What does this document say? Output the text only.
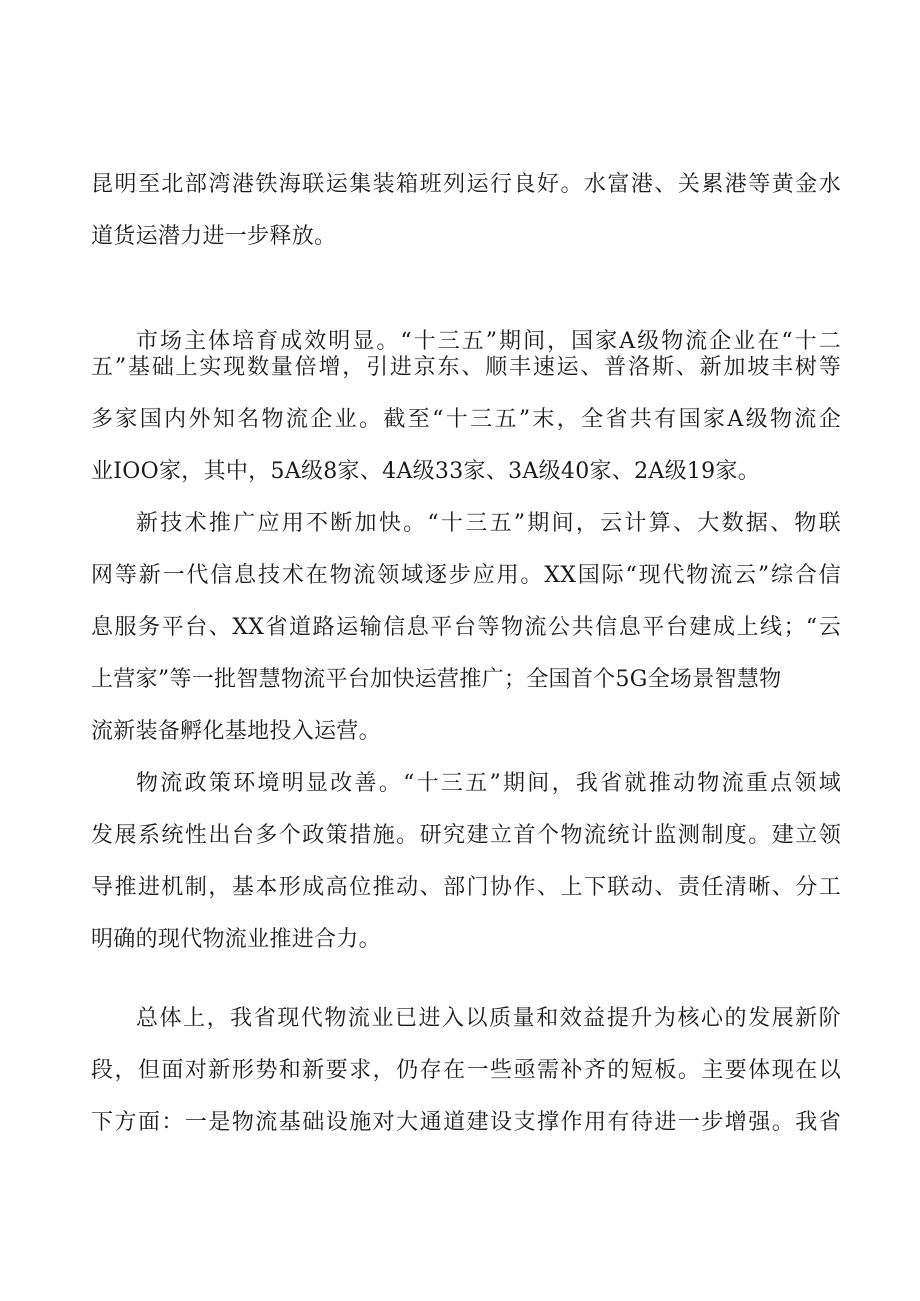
昆明至北部湾港铁海联运集装箱班列运行良好。水富港、关累港等黄金水
道货运潜力进一步释放。
市场主体培育成效明显。“十三五”期间，国家A级物流企业在“十二
五”基础上实现数量倍增，引进京东、顺丰速运、普洛斯、新加坡丰树等
多家国内外知名物流企业。截至“十三五”末，全省共有国家A级物流企
业IOO家，其中，5A级8家、4A级33家、3A级40家、2A级19家。
新技术推广应用不断加快。“十三五”期间，云计算、大数据、物联
网等新一代信息技术在物流领域逐步应用。XX国际“现代物流云”综合信
息服务平台、XX省道路运输信息平台等物流公共信息平台建成上线；“云
上营家”等一批智慧物流平台加快运营推广；全国首个5G全场景智慧物
流新装备孵化基地投入运营。
物流政策环境明显改善。“十三五”期间，我省就推动物流重点领域
发展系统性出台多个政策措施。研究建立首个物流统计监测制度。建立领
导推进机制，基本形成高位推动、部门协作、上下联动、责任清晰、分工
明确的现代物流业推进合力。
总体上，我省现代物流业已进入以质量和效益提升为核心的发展新阶
段，但面对新形势和新要求，仍存在一些亟需补齐的短板。主要体现在以
下方面：一是物流基础设施对大通道建设支撑作用有待进一步增强。我省
